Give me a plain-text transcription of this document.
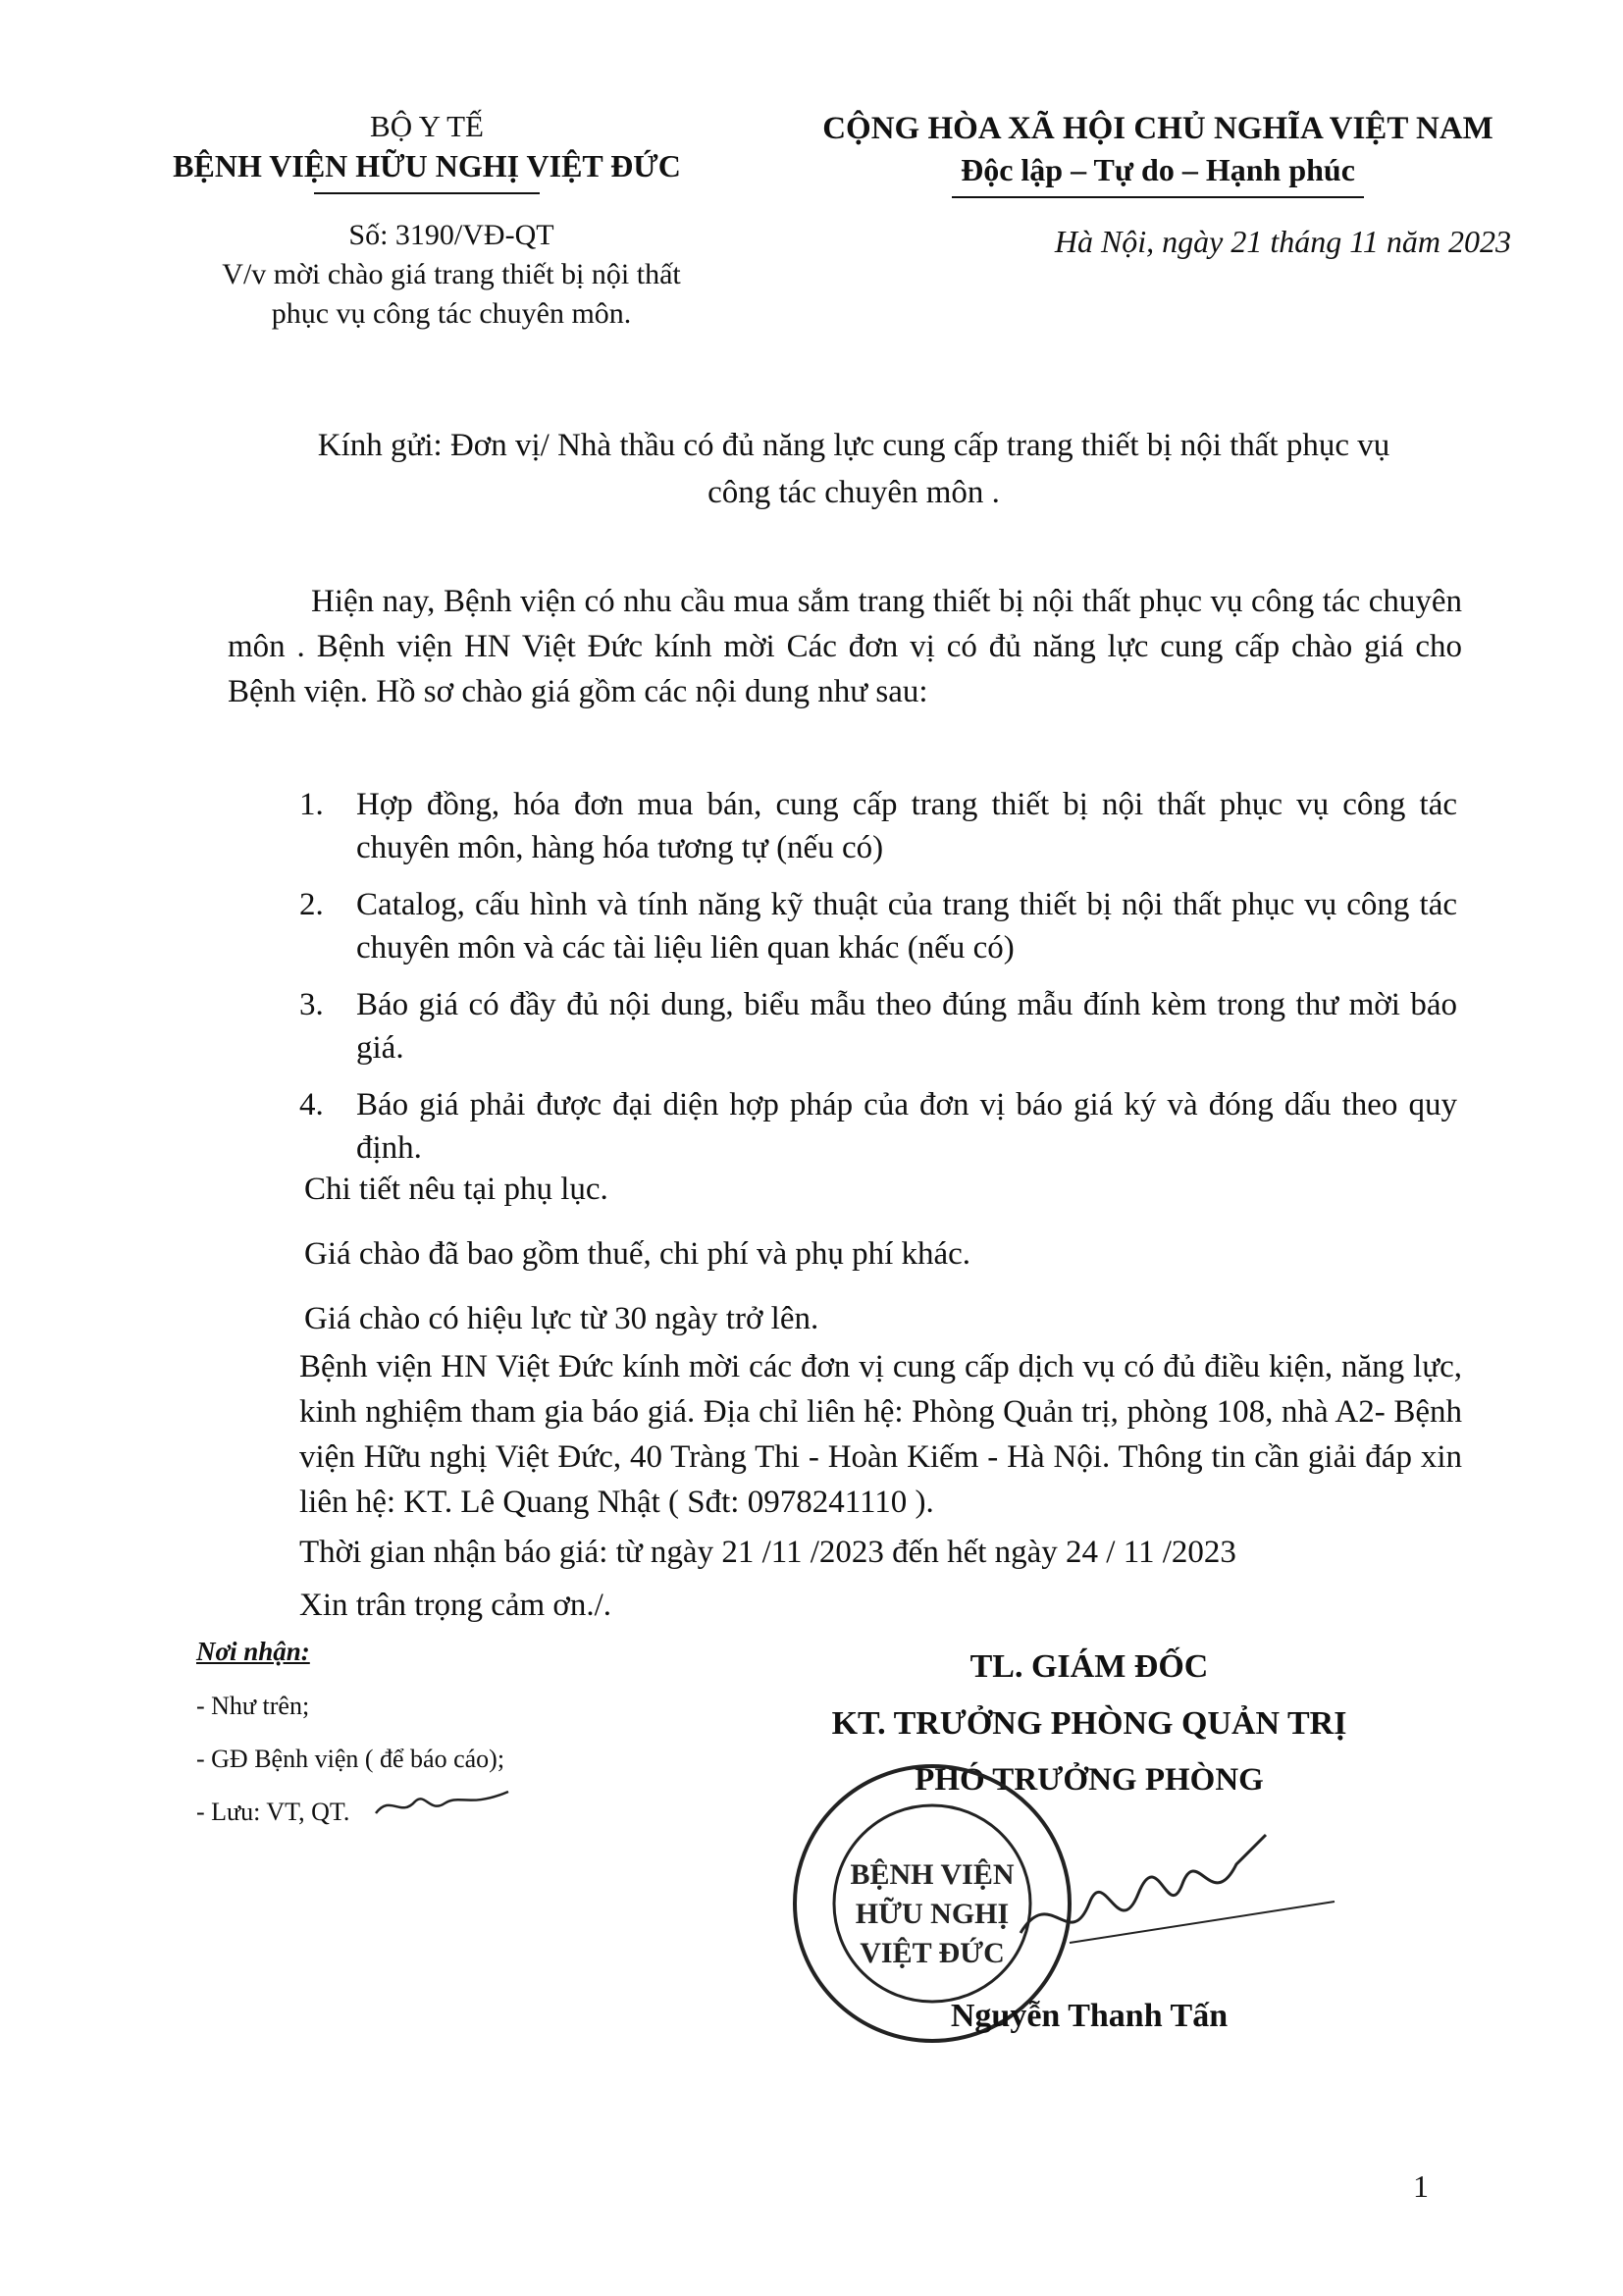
BỘ Y TẾ
BỆNH VIỆN HỮU NGHỊ VIỆT ĐỨC
CỘNG HÒA XÃ HỘI CHỦ NGHĨA VIỆT NAM
Độc lập – Tự do – Hạnh phúc
Số: 3190/VĐ-QT
V/v mời chào giá trang thiết bị nội thất
phục vụ công tác chuyên môn.
Hà Nội, ngày 21 tháng 11 năm 2023
Kính gửi: Đơn vị/ Nhà thầu có đủ năng lực cung cấp trang thiết bị nội thất phục vụ
công tác chuyên môn .
Hiện nay, Bệnh viện có nhu cầu mua sắm trang thiết bị nội thất phục vụ công tác chuyên môn . Bệnh viện HN Việt Đức kính mời Các đơn vị có đủ năng lực cung cấp chào giá cho Bệnh viện. Hồ sơ chào giá gồm các nội dung như sau:
1. Hợp đồng, hóa đơn mua bán, cung cấp trang thiết bị nội thất phục vụ công tác chuyên môn, hàng hóa tương tự (nếu có)
2. Catalog, cấu hình và tính năng kỹ thuật của trang thiết bị nội thất phục vụ công tác chuyên môn và các tài liệu liên quan khác (nếu có)
3. Báo giá có đầy đủ nội dung, biểu mẫu theo đúng mẫu đính kèm trong thư mời báo giá.
4. Báo giá phải được đại diện hợp pháp của đơn vị báo giá ký và đóng dấu theo quy định.
Chi tiết nêu tại phụ lục.
Giá chào đã bao gồm thuế, chi phí và phụ phí khác.
Giá chào có hiệu lực từ 30 ngày trở lên.
Bệnh viện HN Việt Đức kính mời các đơn vị cung cấp dịch vụ có đủ điều kiện, năng lực, kinh nghiệm tham gia báo giá. Địa chỉ liên hệ: Phòng Quản trị, phòng 108, nhà A2- Bệnh viện Hữu nghị Việt Đức, 40 Tràng Thi - Hoàn Kiếm - Hà Nội. Thông tin cần giải đáp xin liên hệ: KT. Lê Quang Nhật ( Sđt: 0978241110 ).
Thời gian nhận báo giá: từ ngày 21 /11 /2023 đến hết ngày 24 / 11 /2023
Xin trân trọng cảm ơn./.
Nơi nhận:
- Như trên;
- GĐ Bệnh viện ( để báo cáo);
- Lưu: VT, QT.
TL. GIÁM ĐỐC
KT. TRƯỞNG PHÒNG QUẢN TRỊ
PHÓ TRƯỞNG PHÒNG
BỆNH VIỆN
HỮU NGHỊ
VIỆT ĐỨC
Nguyễn Thanh Tấn
1
